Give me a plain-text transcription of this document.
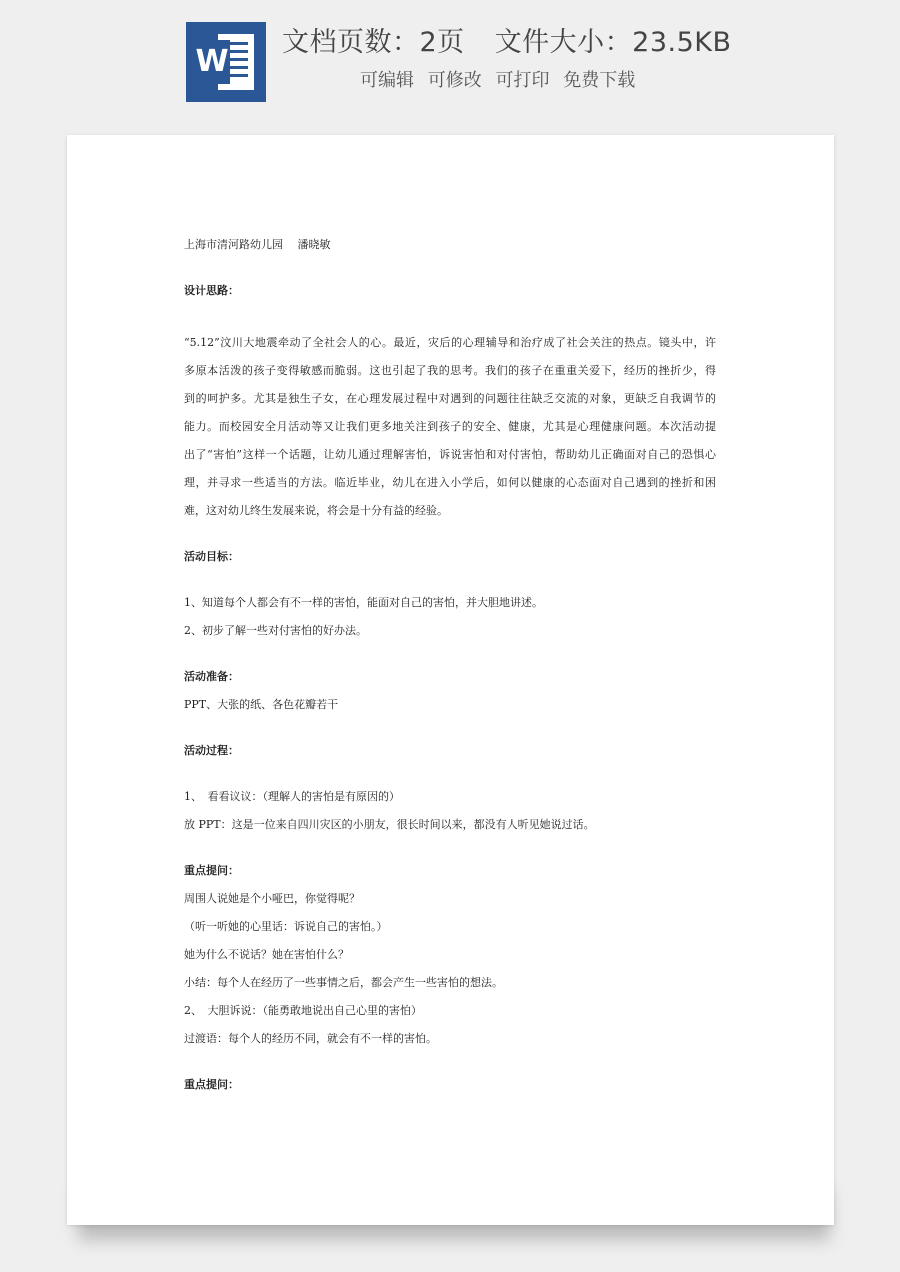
W
文档页数：2页 文件大小：23.5KB
可编辑 可修改 可打印 免费下载
上海市清河路幼儿园　 潘晓敏
设计思路：
“5.12”汶川大地震牵动了全社会人的心。最近，灾后的心理辅导和治疗成了社会关注的热点。镜头中，许
多原本活泼的孩子变得敏感而脆弱。这也引起了我的思考。我们的孩子在重重关爱下，经历的挫折少，得
到的呵护多。尤其是独生子女，在心理发展过程中对遇到的问题往往缺乏交流的对象，更缺乏自我调节的
能力。而校园安全月活动等又让我们更多地关注到孩子的安全、健康，尤其是心理健康问题。本次活动提
出了“害怕”这样一个话题，让幼儿通过理解害怕，诉说害怕和对付害怕，帮助幼儿正确面对自己的恐惧心
理，并寻求一些适当的方法。临近毕业，幼儿在进入小学后，如何以健康的心态面对自己遇到的挫折和困
难，这对幼儿终生发展来说，将会是十分有益的经验。
活动目标：
1、知道每个人都会有不一样的害怕，能面对自己的害怕，并大胆地讲述。
2、初步了解一些对付害怕的好办法。
活动准备：
PPT、大张的纸、各色花瓣若干
活动过程：
1、　看看议议：（理解人的害怕是有原因的）
放 PPT：这是一位来自四川灾区的小朋友，很长时间以来，都没有人听见她说过话。
重点提问：
周围人说她是个小哑巴，你觉得呢？
（听一听她的心里话：诉说自己的害怕。）
她为什么不说话？她在害怕什么？
小结：每个人在经历了一些事情之后，都会产生一些害怕的想法。
2、　大胆诉说：（能勇敢地说出自己心里的害怕）
过渡语：每个人的经历不同，就会有不一样的害怕。
重点提问：
